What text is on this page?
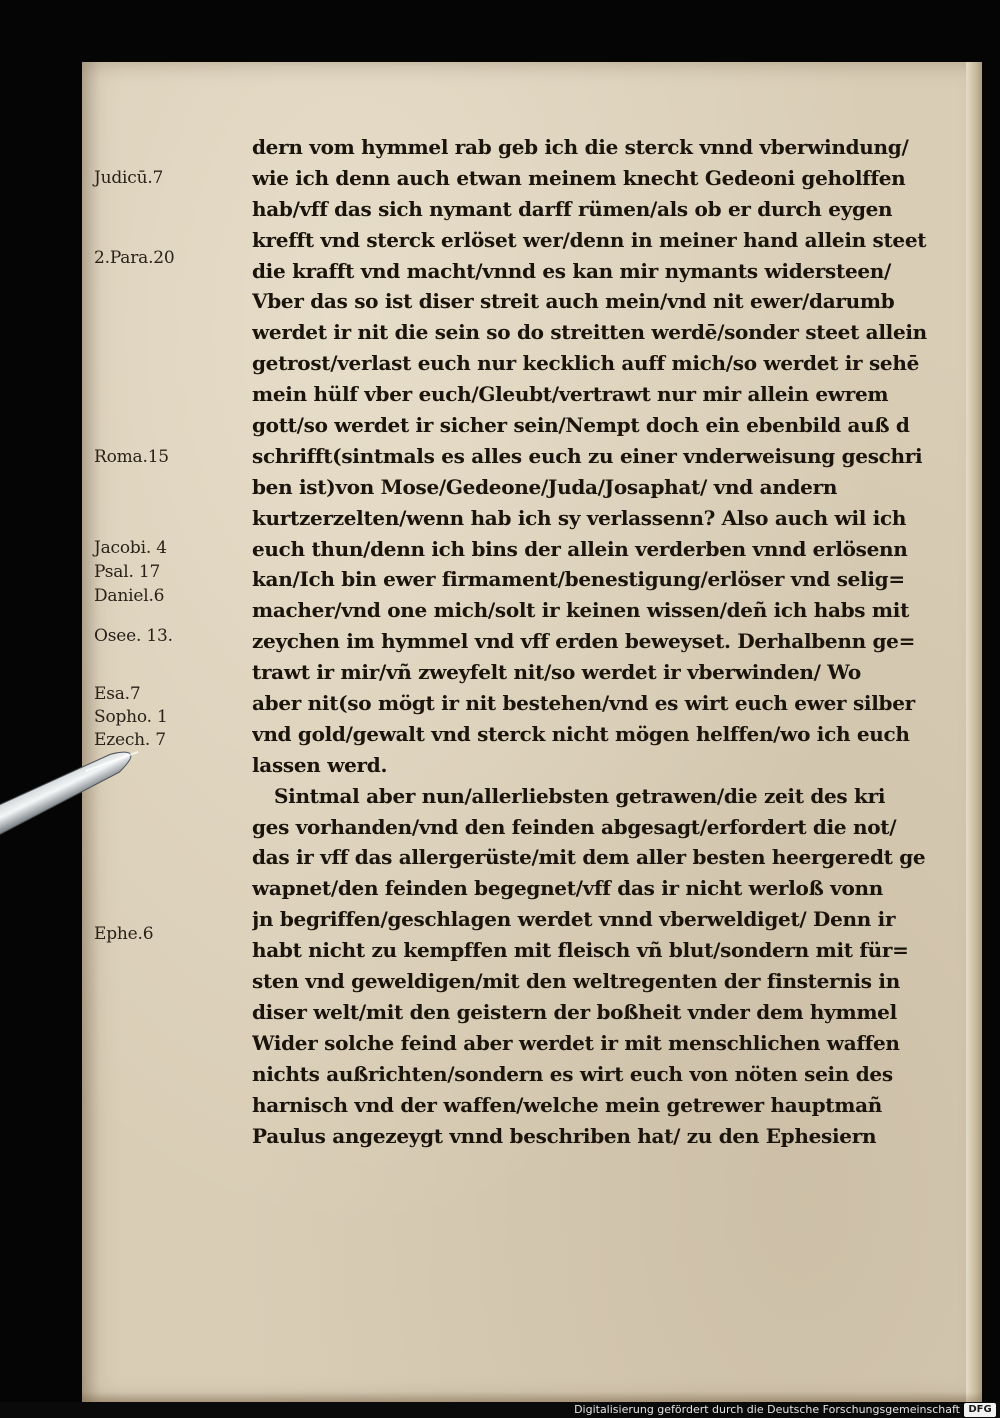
dern vom hymmel rab geb ich die sterck vnnd vberwindung/
wie ich denn auch etwan meinem knecht Gedeoni geholffen
hab/vff das sich nymant darff rümen/als ob er durch eygen
krefft vnd sterck erlöset wer/denn in meiner hand allein steet
die krafft vnd macht/vnnd es kan mir nymants widersteen/
Vber das so ist diser streit auch mein/vnd nit ewer/darumb
werdet ir nit die sein so do streitten werdē/sonder steet allein
getrost/verlast euch nur kecklich auff mich/so werdet ir sehē
mein hülf vber euch/Gleubt/vertrawt nur mir allein ewrem
gott/so werdet ir sicher sein/Nempt doch ein ebenbild auß d
schrifft(sintmals es alles euch zu einer vnderweisung geschri
ben ist)von Mose/Gedeone/Juda/Josaphat/ vnd andern
kurtzerzelten/wenn hab ich sy verlassenn? Also auch wil ich
euch thun/denn ich bins der allein verderben vnnd erlösenn
kan/Ich bin ewer firmament/benestigung/erlöser vnd selig=
macher/vnd one mich/solt ir keinen wissen/deñ ich habs mit
zeychen im hymmel vnd vff erden beweyset. Derhalbenn ge=
trawt ir mir/vñ zweyfelt nit/so werdet ir vberwinden/ Wo
aber nit(so mögt ir nit bestehen/vnd es wirt euch ewer silber
vnd gold/gewalt vnd sterck nicht mögen helffen/wo ich euch
lassen werd.
Sintmal aber nun/allerliebsten getrawen/die zeit des kri
ges vorhanden/vnd den feinden abgesagt/erfordert die not/
das ir vff das allergerüste/mit dem aller besten heergeredt ge
wapnet/den feinden begegnet/vff das ir nicht werloß vonn
jn begriffen/geschlagen werdet vnnd vberweldiget/ Denn ir
habt nicht zu kempffen mit fleisch vñ blut/sondern mit für=
sten vnd geweldigen/mit den weltregenten der finsternis in
diser welt/mit den geistern der boßheit vnder dem hymmel
Wider solche feind aber werdet ir mit menschlichen waffen
nichts außrichten/sondern es wirt euch von nöten sein des
harnisch vnd der waffen/welche mein getrewer hauptmañ
Paulus angezeygt vnnd beschriben hat/ zu den Ephesiern
Judicū.7
2.Para.20
Roma.15
Jacobi. 4
Psal. 17
Daniel.6
Osee. 13.
Esa.7
Sopho. 1
Ezech. 7
Ephe.6
Digitalisierung gefördert durch die Deutsche Forschungsgemeinschaft DFG
